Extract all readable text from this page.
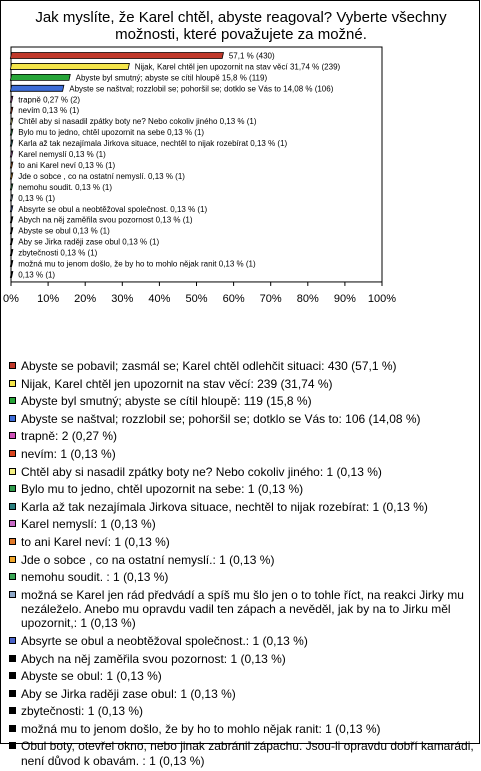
Jak myslíte, že Karel chtěl, abyste reagoval? Vyberte všechny možnosti, které považujete za možné.
0% 10% 20% 30% 40% 50% 60% 70% 80% 90% 100%
57,1 % (430)
Nijak, Karel chtěl jen upozornit na stav věcí 31,74 % (239)
Abyste byl smutný; abyste se cítil hloupě 15,8 % (119)
Abyste se naštval; rozzlobil se; pohoršil se; dotklo se Vás to 14,08 % (106)
trapně 0,27 % (2)
nevím 0,13 % (1)
Chtěl aby si nasadil zpátky boty ne? Nebo cokoliv jiného 0,13 % (1)
Bylo mu to jedno, chtěl upozornit na sebe 0,13 % (1)
Karla až tak nezajímala Jirkova situace, nechtěl to nijak rozebírat 0,13 % (1)
Karel nemyslí 0,13 % (1)
to ani Karel neví 0,13 % (1)
Jde o sobce , co na ostatní nemyslí. 0,13 % (1)
nemohu soudit. 0,13 % (1)
0,13 % (1)
Absyrte se obul a neobtěžoval společnost. 0,13 % (1)
Abych na něj zaměřila svou pozornost 0,13 % (1)
Abyste se obul 0,13 % (1)
Aby se Jirka raději zase obul 0,13 % (1)
zbytečnosti 0,13 % (1)
možná mu to jenom došlo, že by ho to mohlo nějak ranit 0,13 % (1)
0,13 % (1)
Abyste se pobavil; zasmál se; Karel chtěl odlehčit situaci: 430 (57,1 %)
Nijak, Karel chtěl jen upozornit na stav věcí: 239 (31,74 %)
Abyste byl smutný; abyste se cítil hloupě: 119 (15,8 %)
Abyste se naštval; rozzlobil se; pohoršil se; dotklo se Vás to: 106 (14,08 %)
trapně: 2 (0,27 %)
nevím: 1 (0,13 %)
Chtěl aby si nasadil zpátky boty ne? Nebo cokoliv jiného: 1 (0,13 %)
Bylo mu to jedno, chtěl upozornit na sebe: 1 (0,13 %)
Karla až tak nezajímala Jirkova situace, nechtěl to nijak rozebírat: 1 (0,13 %)
Karel nemyslí: 1 (0,13 %)
to ani Karel neví: 1 (0,13 %)
Jde o sobce , co na ostatní nemyslí.: 1 (0,13 %)
nemohu soudit. : 1 (0,13 %)
možná se Karel jen rád předvádí a spíš mu šlo jen o to tohle říct, na reakci Jirky mu nezáleželo. Anebo mu opravdu vadil ten zápach a nevěděl, jak by na to Jirku měl upozornit,: 1 (0,13 %)
Absyrte se obul a neobtěžoval společnost.: 1 (0,13 %)
Abych na něj zaměřila svou pozornost: 1 (0,13 %)
Abyste se obul: 1 (0,13 %)
Aby se Jirka raději zase obul: 1 (0,13 %)
zbytečnosti: 1 (0,13 %)
možná mu to jenom došlo, že by ho to mohlo nějak ranit: 1 (0,13 %)
Obul boty, otevřel okno, nebo jinak zabránil zápachu. Jsou-li opravdu dobří kamarádi, není důvod k obavám. : 1 (0,13 %)
